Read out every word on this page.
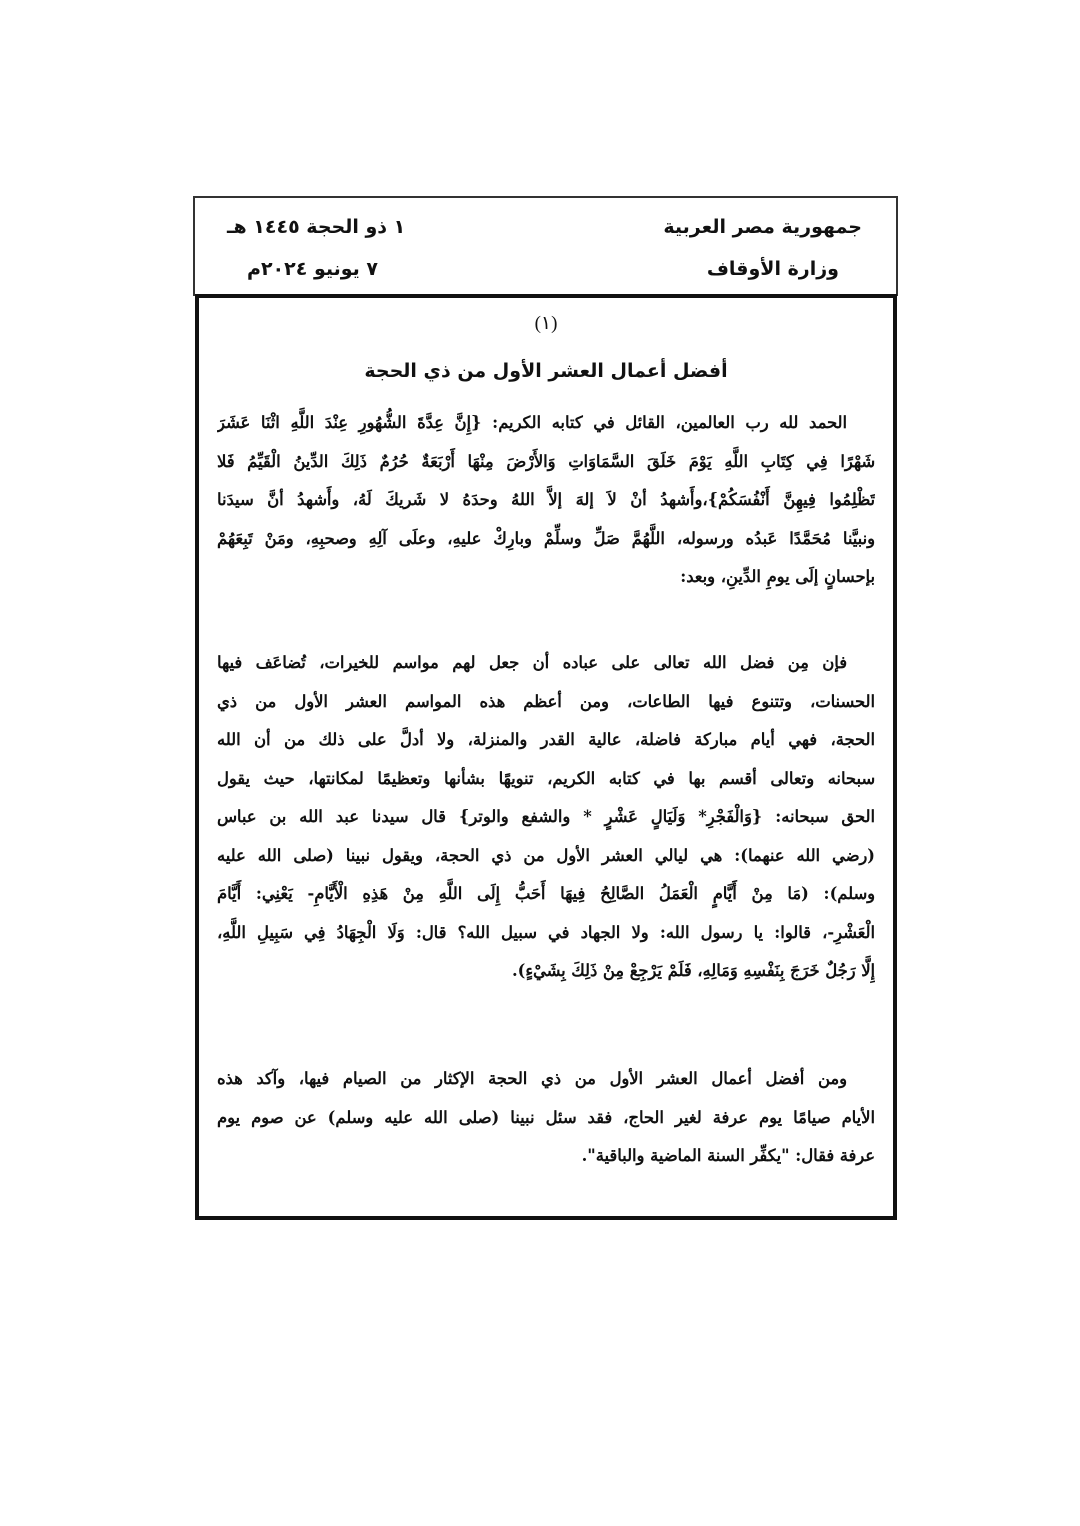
جمهورية مصر العربية
وزارة الأوقاف
١ ذو الحجة ١٤٤٥ هـ
٧ يونيو ٢٠٢٤م
(١)
أفضل أعمال العشر الأول من ذي الحجة
الحمد لله رب العالمين، القائل في كتابه الكريم: {إِنَّ عِدَّةَ الشُّهُورِ عِنْدَ اللَّهِ اثْنَا عَشَرَ
شَهْرًا فِي كِتَابِ اللَّهِ يَوْمَ خَلَقَ السَّمَاوَاتِ وَالأَرْضَ مِنْهَا أَرْبَعَةٌ حُرُمٌ ذَلِكَ الدِّينُ الْقَيِّمُ فَلا
تَظْلِمُوا فِيهِنَّ أَنْفُسَكُمْ}،وأَشهدُ أنْ لاَ إلهَ إلاَّ اللهُ وحدَهُ لا شَريكَ لَهُ، وأَشهدُ أنَّ سيدَنا
ونبيَّنا مُحَمَّدًا عَبدُه ورسوله، اللَّهُمَّ صَلِّ وسلِّمْ وبارِكْ عليهِ، وعلَى آلِهِ وصحبِهِ، ومَنْ تَبِعَهُمْ
بإحسانٍ إلَى يومِ الدِّينِ، وبعد:
فإن مِن فضل الله تعالى على عباده أن جعل لهم مواسم للخيرات، تُضاعَف فيها
الحسنات، وتتنوع فيها الطاعات، ومن أعظم هذه المواسم العشر الأول من ذي
الحجة، فهي أيام مباركة فاضلة، عالية القدر والمنزلة، ولا أدلَّ على ذلك من أن الله
سبحانه وتعالى أقسم بها في كتابه الكريم، تنويهًا بشأنها وتعظيمًا لمكانتها، حيث يقول
الحق سبحانه: {وَالْفَجْرِ* وَلَيَالٍ عَشْرٍ * والشفع والوتر} قال سيدنا عبد الله بن عباس
(رضي الله عنهما): هي ليالي العشر الأول من ذي الحجة، ويقول نبينا (صلى الله عليه
وسلم): (مَا مِنْ أَيَّامٍ الْعَمَلُ الصَّالِحُ فِيهَا أَحَبُّ إِلَى اللَّهِ مِنْ هَذِهِ الْأَيَّامِ- يَعْنِي: أَيَّامَ
الْعَشْرِ-، قالوا: يا رسول الله: ولا الجهاد في سبيل الله؟ قال: وَلَا الْجِهَادُ فِي سَبِيلِ اللَّهِ،
إِلَّا رَجُلٌ خَرَجَ بِنَفْسِهِ وَمَالِهِ، فَلَمْ يَرْجِعْ مِنْ ذَلِكَ بِشَيْءٍ).
ومن أفضل أعمال العشر الأول من ذي الحجة الإكثار من الصيام فيها، وآكد هذه
الأيام صيامًا يوم عرفة لغير الحاج، فقد سئل نبينا (صلى الله عليه وسلم) عن صوم يوم
عرفة فقال: "يكفِّر السنة الماضية والباقية".
